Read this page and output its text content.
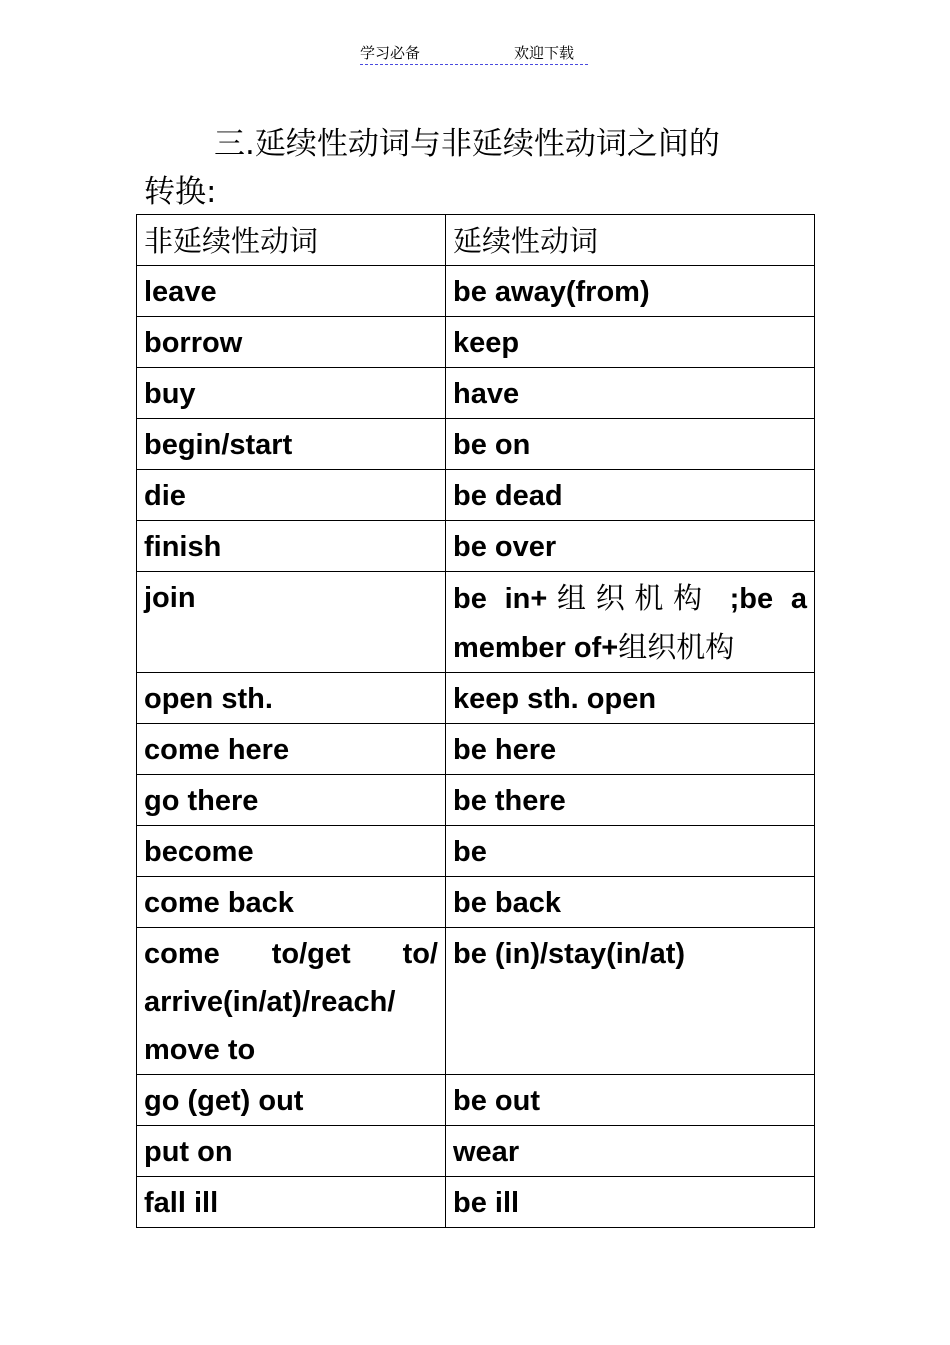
学习必备	欢迎下载
三.延续性动词与非延续性动词之间的
转换:
非延续性动词	延续性动词
leave	be away(from)
borrow	keep
buy	have
begin/start	be on
die	be dead
finish	be over
join	be in+组织机构 ;be a member of+组织机构
open sth.	keep sth. open
come here	be here
go there	be there
become	be
come back	be back
come to/get to/ arrive(in/at)/reach/ move to	be (in)/stay(in/at)
go (get) out	be out
put on	wear
fall ill	be ill
